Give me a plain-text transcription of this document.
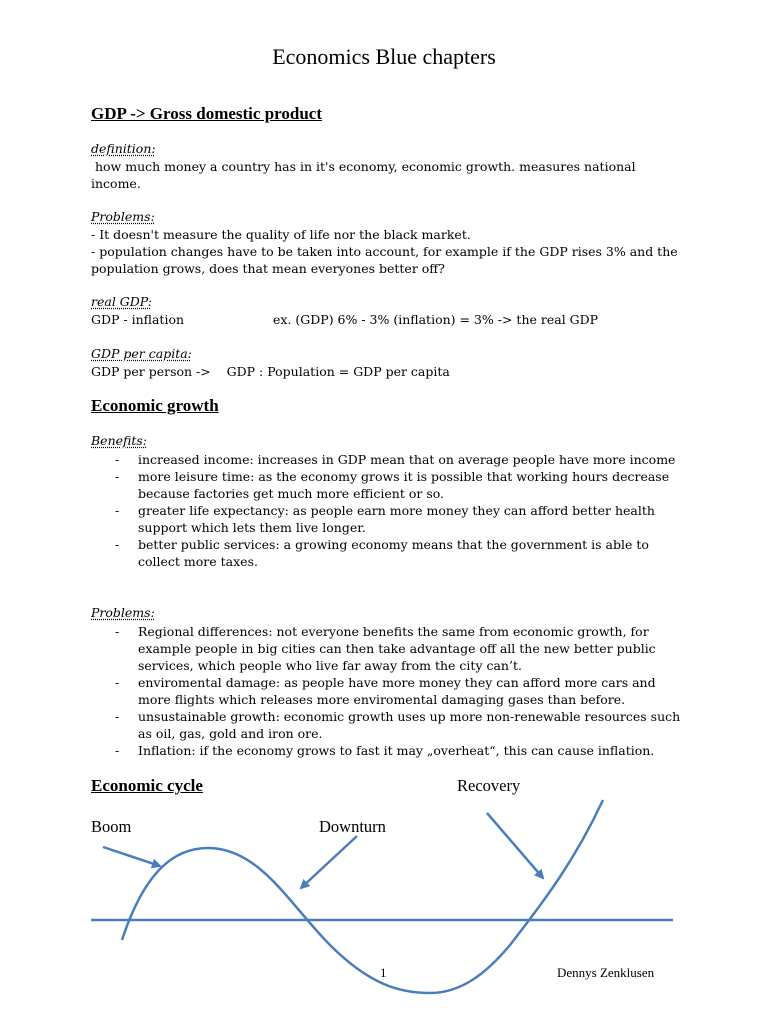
Economics Blue chapters
GDP -> Gross domestic product
definition:
how much money a country has in it's economy, economic growth. measures national income.
Problems:
- It doesn't measure the quality of life nor the black market.
- population changes have to be taken into account, for example if the GDP rises 3% and the population grows, does that mean everyones better off?
real GDP:
GDP - inflation	ex. (GDP) 6% - 3% (inflation) = 3% -> the real GDP
GDP per capita:
GDP per person ->    GDP : Population = GDP per capita
Economic growth
Benefits:
- increased income: increases in GDP mean that on average people have more income
- more leisure time: as the economy grows it is possible that working hours decrease because factories get much more efficient or so.
- greater life expectancy: as people earn more money they can afford better health support which lets them live longer.
- better public services: a growing economy means that the government is able to collect more taxes.
Problems:
- Regional differences: not everyone benefits the same from economic growth, for example people in big cities can then take advantage off all the new better public services, which people who live far away from the city can’t.
- enviromental damage: as people have more money they can afford more cars and more flights which releases more enviromental damaging gases than before.
- unsustainable growth: economic growth uses up more non-renewable resources such as oil, gas, gold and iron ore.
- Inflation: if the economy grows to fast it may „overheat“, this can cause inflation.
Economic cycle	Recovery
Boom	Downturn
1	Dennys Zenklusen
